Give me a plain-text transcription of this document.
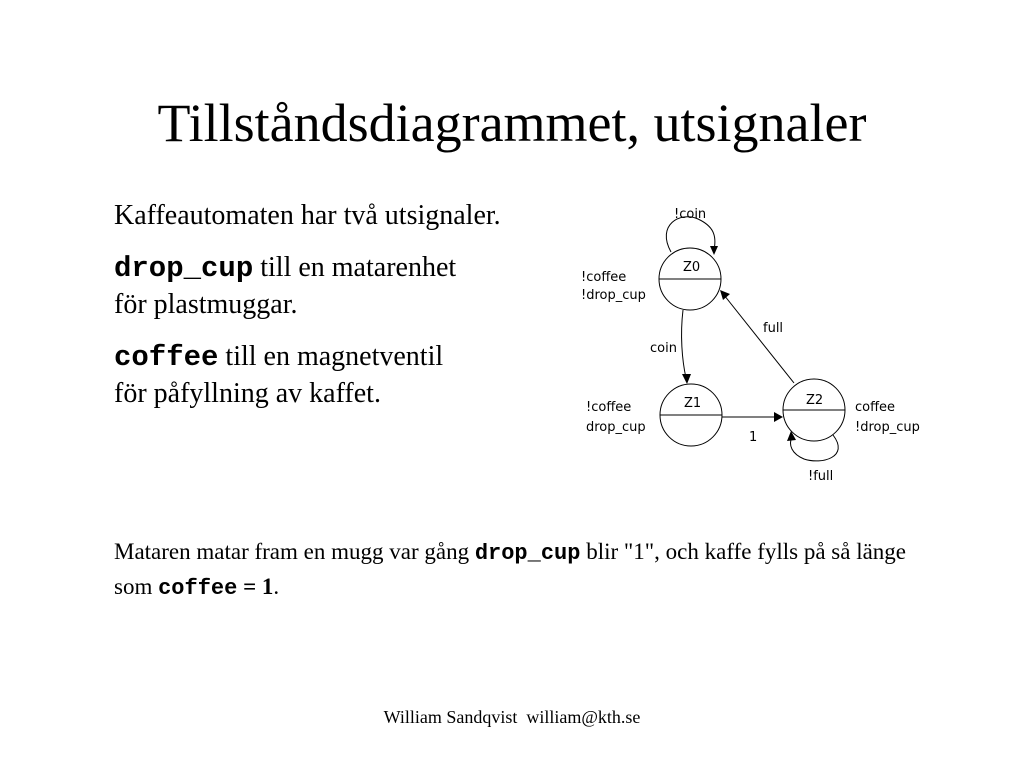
Tillståndsdiagrammet, utsignaler

Kaffeautomaten har två utsignaler.

drop_cup till en matarenhet
för plastmuggar.

coffee till en magnetventil
för påfyllning av kaffet.

!coin
Z0
!coffee
!drop_cup
coin
Z1
!coffee
drop_cup
1
Z2 coffee
!drop_cup
full
!full
Mataren matar fram en mugg var gång drop_cup blir "1", och kaffe fylls på så länge som coffee = 1.
William Sandqvist  william@kth.se
